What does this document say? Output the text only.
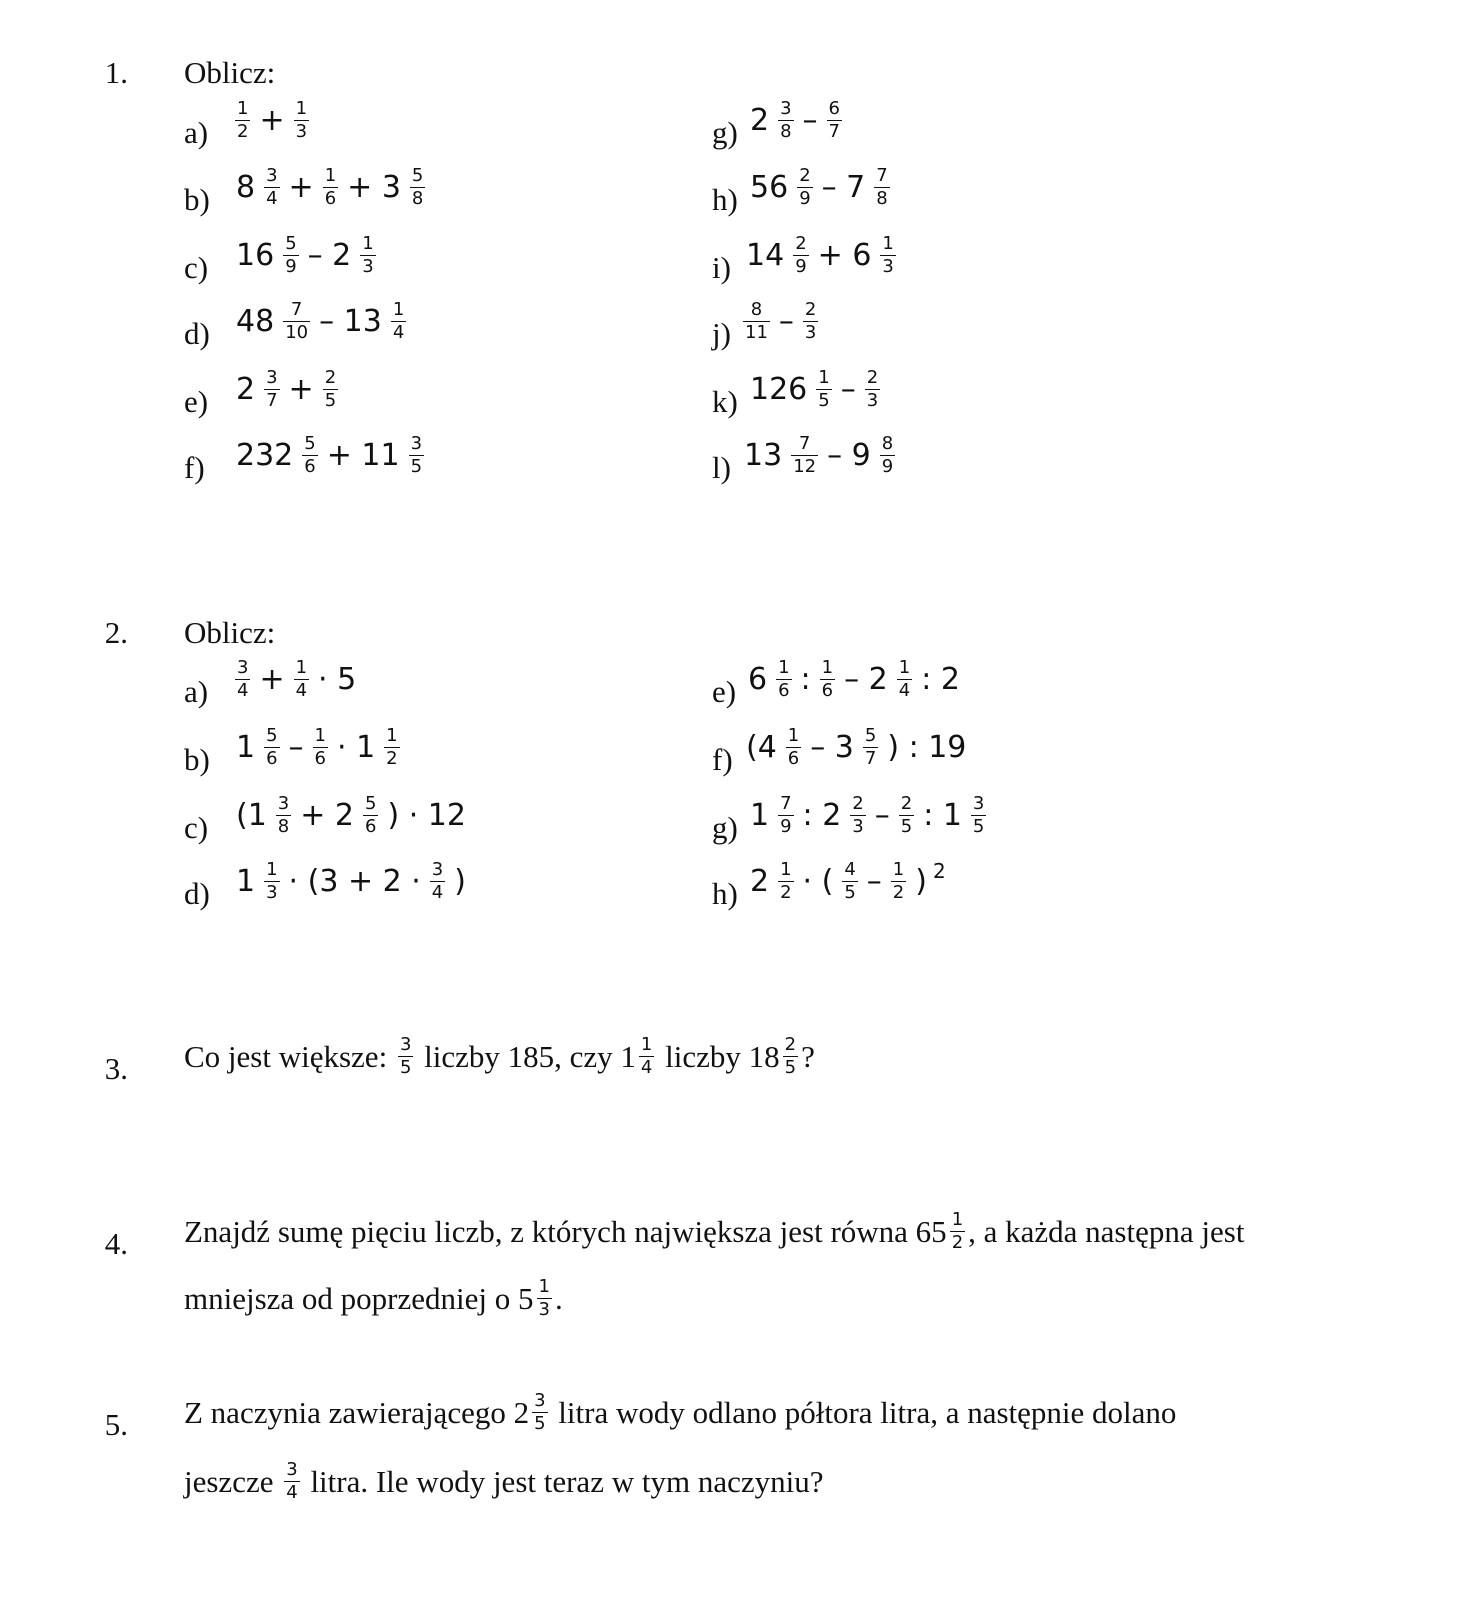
1. Oblicz:
$a) \frac{1}{2} + \frac{1}{3}$
b) $8 \frac{3}{4} + \frac{1}{6} + 3 \frac{5}{8}$
c) $16 \frac{5}{9} - 2 \frac{1}{3}$
d) $48 \frac{7}{10} - 13 \frac{1}{4}$
e) $2 \frac{3}{7} + \frac{2}{5}$
f) $232 \frac{5}{6} + 11 \frac{3}{5}$
g) $2 \frac{3}{8} - \frac{6}{7}$
h) $56 \frac{2}{9} - 7 \frac{7}{8}$
i) $14 \frac{2}{9} + 6 \frac{1}{3}$
$j) \frac{8}{11} - \frac{2}{3}$
k) $126 \frac{1}{5} - \frac{2}{3}$
l) $13 \frac{7}{12} - 9 \frac{8}{9}$
2. Oblicz:
$a) \frac{3}{4} + \frac{1}{4} \cdot 5$
b) $1 \frac{5}{6} - \frac{1}{6} \cdot 1 \frac{1}{2}$
c) ($1 \frac{3}{8} + 2 \frac{5}{6}$ ) · 12
d) $1 \frac{1}{3} \cdot (3 + 2 \cdot \frac{3}{4}$ )
e) $6 \frac{1}{6}$ : $\frac{1}{6} - 2 \frac{1}{4}$ : 2
f) ($4 \frac{1}{6} - 3 \frac{5}{7}$ ) : 19
g) $1 \frac{7}{9}$ : $2 \frac{2}{3} - \frac{2}{5}$ : $1 \frac{3}{5}$
h) $2 \frac{1}{2}$ · ( $\frac{4}{5} - \frac{1}{2}$ ) $^2$
3. Co jest większe: $\frac{3}{5}$ liczby 185, czy $1 \frac{1}{4}$ liczby $18 \frac{2}{5}$ ?
4. Znajdź sumę pięciu liczb, z których największa jest równa $65 \frac{1}{2}$ , a każda następna jest
mniejsza od poprzedniej o $5 \frac{1}{3}$ .
5. Z naczynia zawierającego $2 \frac{3}{5}$ litra wody odlano półtora litra, a następnie dolano
jeszcze $\frac{3}{4}$ litra. Ile wody jest teraz w tym naczyniu?
